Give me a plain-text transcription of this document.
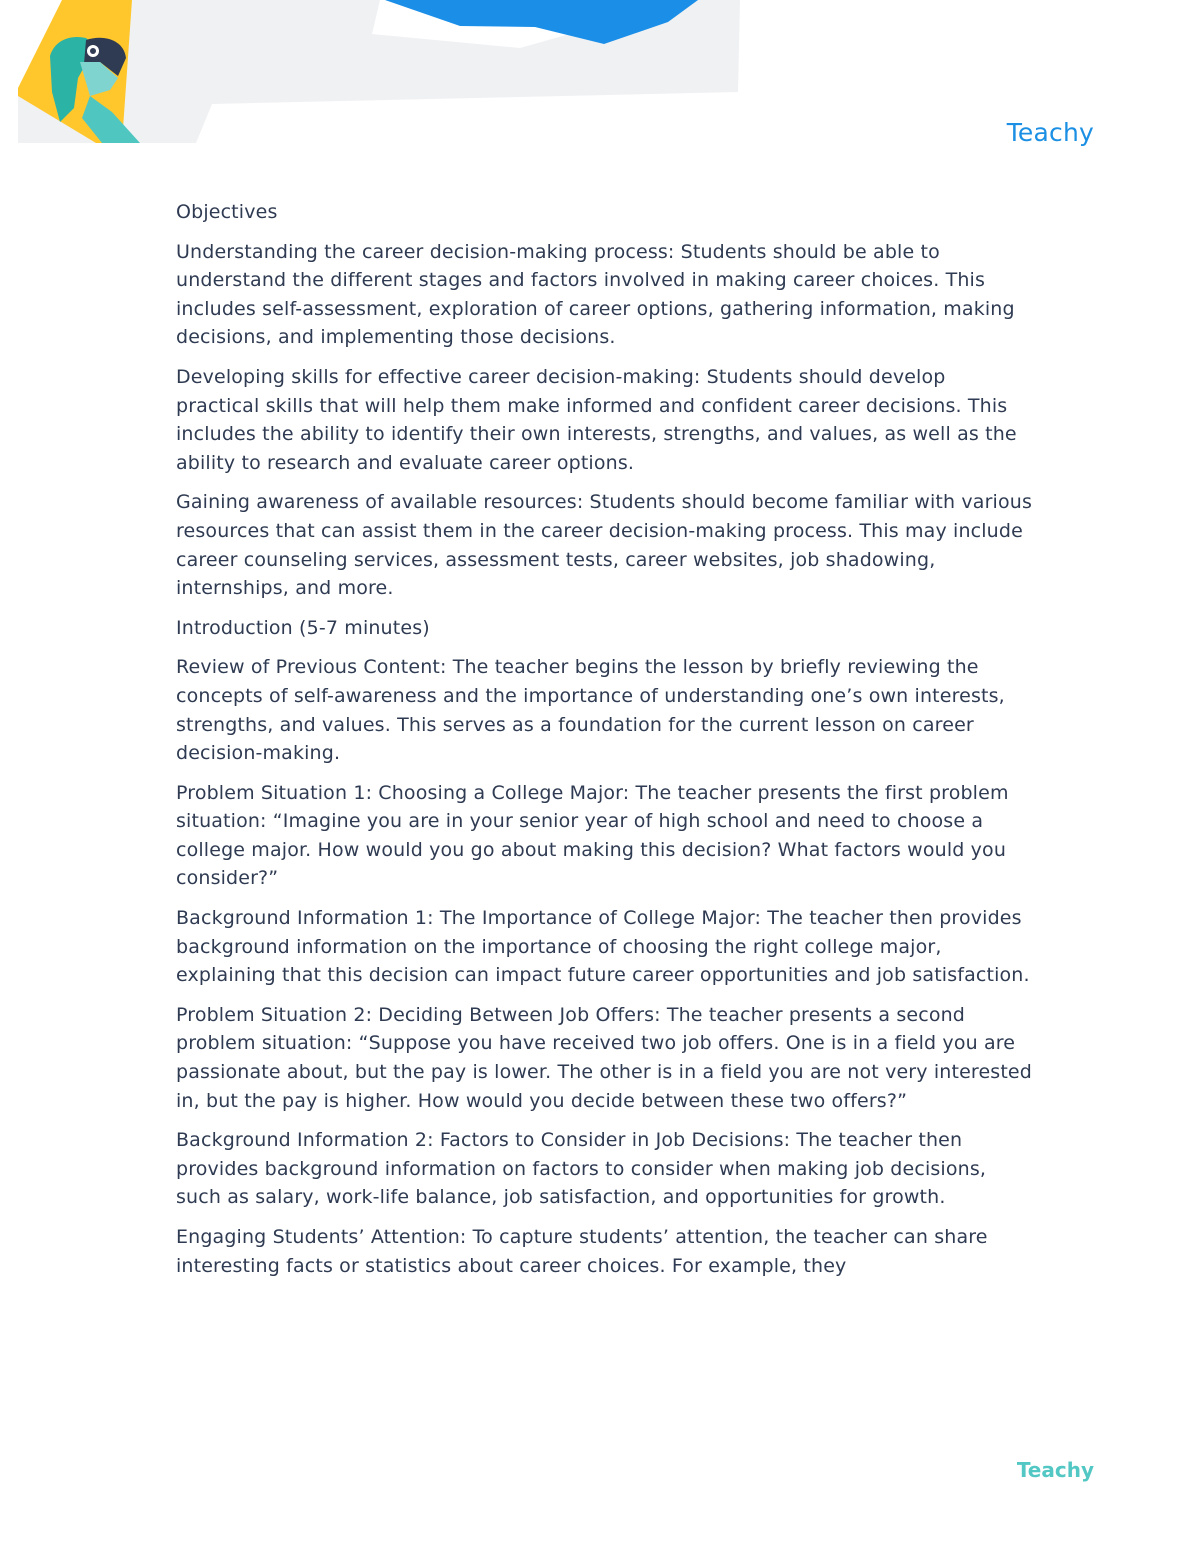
Teachy

Objectives

Understanding the career decision-making process: Students should be able to understand the different stages and factors involved in making career choices. This includes self-assessment, exploration of career options, gathering information, making decisions, and implementing those decisions.

Developing skills for effective career decision-making: Students should develop practical skills that will help them make informed and confident career decisions. This includes the ability to identify their own interests, strengths, and values, as well as the ability to research and evaluate career options.

Gaining awareness of available resources: Students should become familiar with various resources that can assist them in the career decision-making process. This may include career counseling services, assessment tests, career websites, job shadowing, internships, and more.

Introduction (5-7 minutes)

Review of Previous Content: The teacher begins the lesson by briefly reviewing the concepts of self-awareness and the importance of understanding one’s own interests, strengths, and values. This serves as a foundation for the current lesson on career decision-making.

Problem Situation 1: Choosing a College Major: The teacher presents the first problem situation: “Imagine you are in your senior year of high school and need to choose a college major. How would you go about making this decision? What factors would you consider?”

Background Information 1: The Importance of College Major: The teacher then provides background information on the importance of choosing the right college major, explaining that this decision can impact future career opportunities and job satisfaction.

Problem Situation 2: Deciding Between Job Offers: The teacher presents a second problem situation: “Suppose you have received two job offers. One is in a field you are passionate about, but the pay is lower. The other is in a field you are not very interested in, but the pay is higher. How would you decide between these two offers?”

Background Information 2: Factors to Consider in Job Decisions: The teacher then provides background information on factors to consider when making job decisions, such as salary, work-life balance, job satisfaction, and opportunities for growth.

Engaging Students’ Attention: To capture students’ attention, the teacher can share interesting facts or statistics about career choices. For example, they

Teachy
